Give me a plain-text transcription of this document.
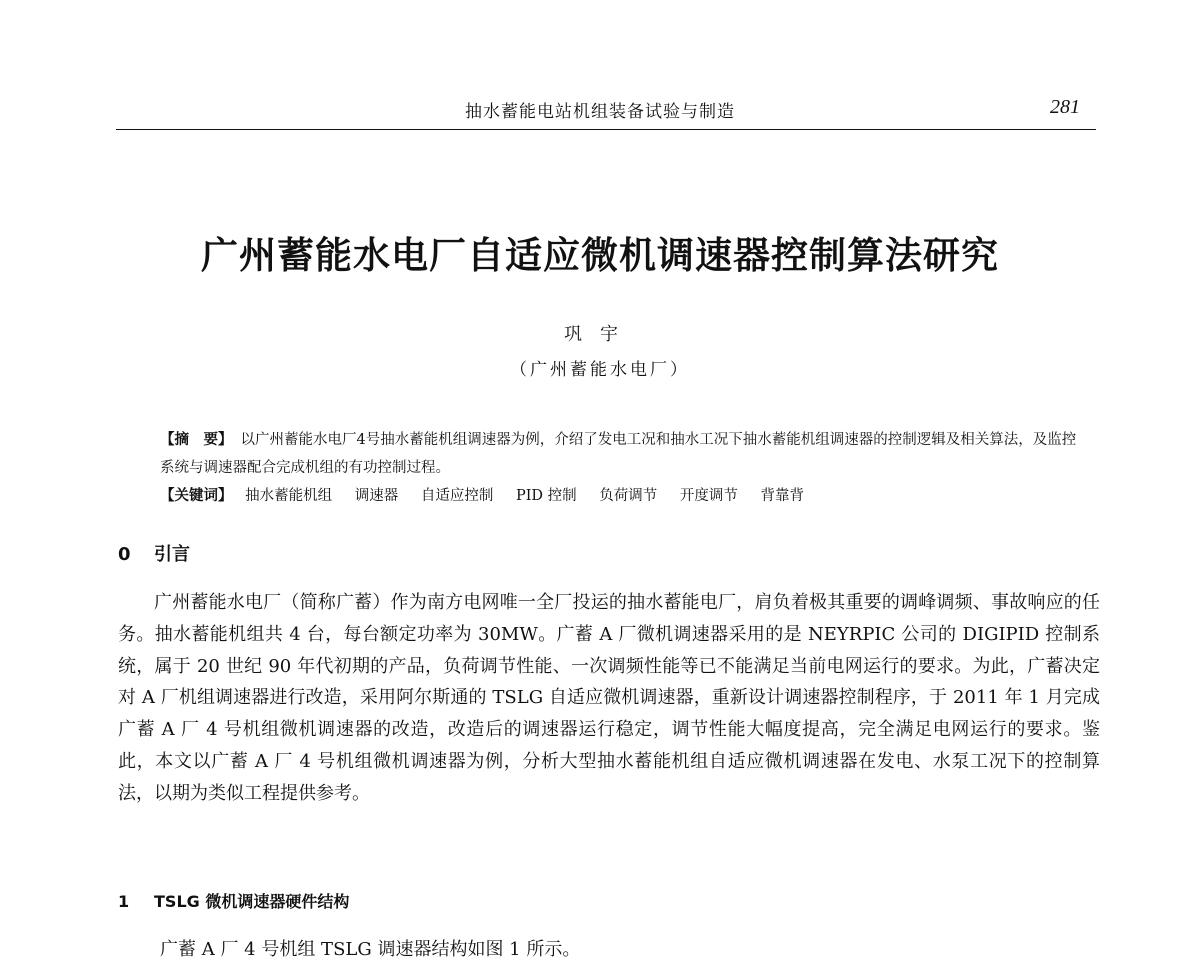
抽水蓄能电站机组装备试验与制造	281
广州蓄能水电厂自适应微机调速器控制算法研究
巩宇
（广州蓄能水电厂）
【摘　要】 以广州蓄能水电厂4号抽水蓄能机组调速器为例，介绍了发电工况和抽水工况下抽水蓄能机组调速器的控制逻辑及相关算法，及监控系统与调速器配合完成机组的有功控制过程。
【关键词】 抽水蓄能机组 调速器 自适应控制 PID 控制 负荷调节 开度调节 背靠背
0 引言

广州蓄能水电厂（简称广蓄）作为南方电网唯一全厂投运的抽水蓄能电厂，肩负着极其重要的调峰调频、事故响应的任务。抽水蓄能机组共 4 台，每台额定功率为 30MW。广蓄 A 厂微机调速器采用的是 NEYRPIC 公司的 DIGIPID 控制系统，属于 20 世纪 90 年代初期的产品，负荷调节性能、一次调频性能等已不能满足当前电网运行的要求。为此，广蓄决定对 A 厂机组调速器进行改造，采用阿尔斯通的 TSLG 自适应微机调速器，重新设计调速器控制程序，于 2011 年 1 月完成广蓄 A 厂 4 号机组微机调速器的改造，改造后的调速器运行稳定，调节性能大幅度提高，完全满足电网运行的要求。鉴此，本文以广蓄 A 厂 4 号机组微机调速器为例，分析大型抽水蓄能机组自适应微机调速器在发电、水泵工况下的控制算法，以期为类似工程提供参考。

1 TSLG 微机调速器硬件结构
广蓄 A 厂 4 号机组 TSLG 调速器结构如图 1 所示。
